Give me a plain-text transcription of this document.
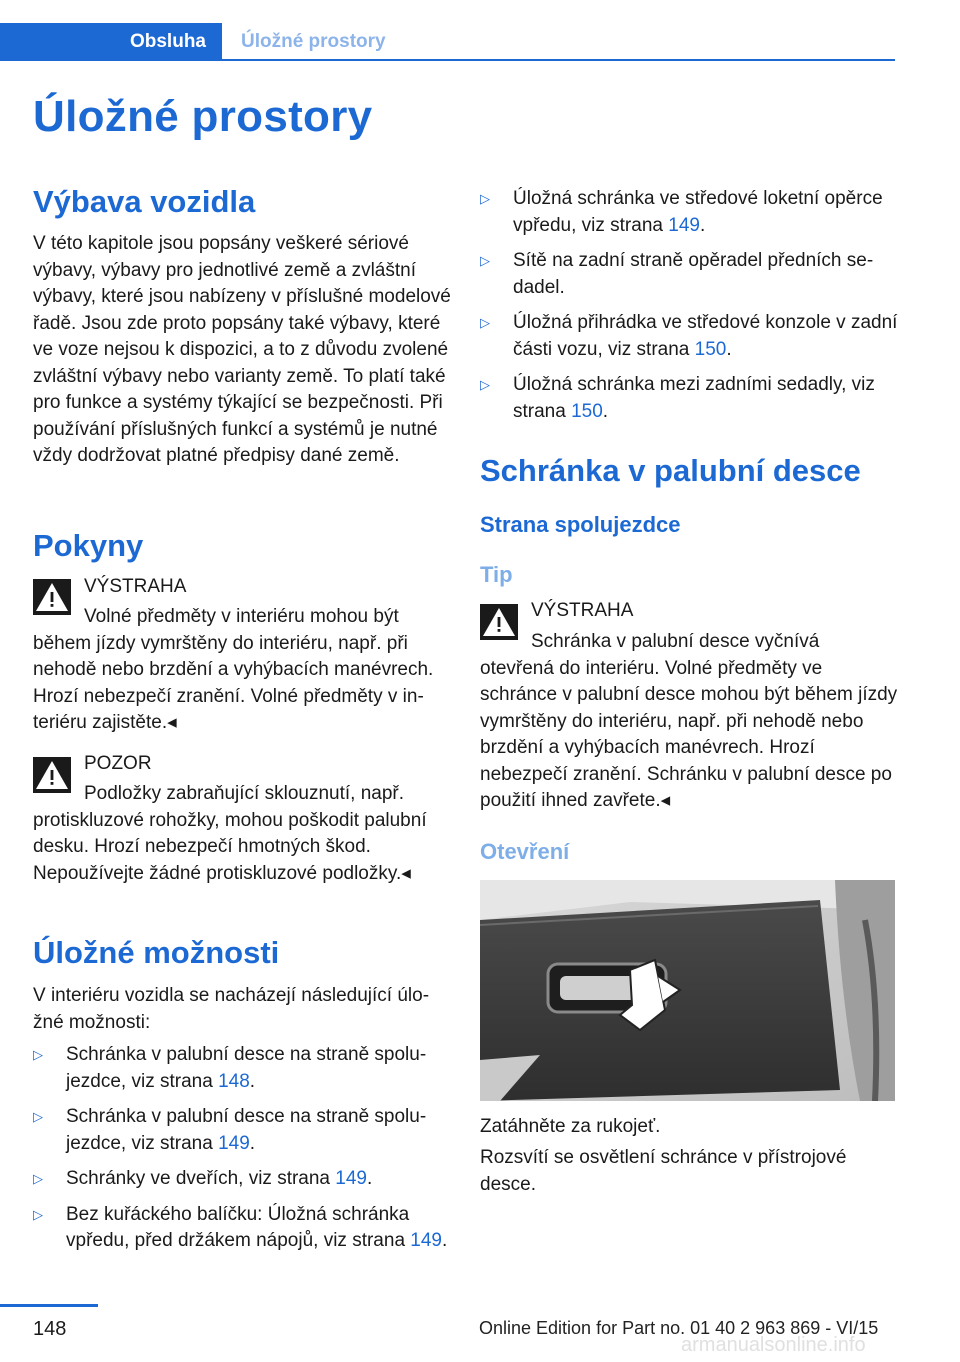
Obsluha	Úložné prostory
Úložné prostory
Výbava vozidla

V této kapitole jsou popsány veškeré sériové výbavy, výbavy pro jednotlivé země a zvláštní výbavy, které jsou nabízeny v příslušné modelové řadě. Jsou zde proto popsány také výbavy, které ve voze nejsou k dispozici, a to z důvodu zvolené zvláštní výbavy nebo varianty země. To platí také pro funkce a systémy týkající se bezpečnosti. Při používání příslušných funkcí a systémů je nutné vždy dodržovat platné předpisy dané země.

Pokyny
VÝSTRAHA
Volné předměty v interiéru mohou být během jízdy vymrštěny do interiéru, např. při nehodě nebo brzdění a vyhýbacích manévrech. Hrozí nebezpečí zranění. Volné předměty v interiéru zajistěte.◂
POZOR
Podložky zabraňující sklouznutí, např. protiskluzové rohožky, mohou poškodit palubní desku. Hrozí nebezpečí hmotných škod. Nepoužívejte žádné protiskluzové podložky.◂
Úložné možnosti

V interiéru vozidla se nacházejí následující úložné možnosti:

▷ Schránka v palubní desce na straně spolujezdce, viz strana 148.
▷ Schránka v palubní desce na straně spolujezdce, viz strana 149.
▷ Schránky ve dveřích, viz strana 149.
▷ Bez kuřáckého balíčku: Úložná schránka vpředu, před držákem nápojů, viz strana 149.
▷ Úložná schránka ve středové loketní opěrce vpředu, viz strana 149.
▷ Sítě na zadní straně opěradel předních sedadel.
▷ Úložná přihrádka ve středové konzole v zadní části vozu, viz strana 150.
▷ Úložná schránka mezi zadními sedadly, viz strana 150.
Schránka v palubní desce
Strana spolujezdce
Tip
VÝSTRAHA
Schránka v palubní desce vyčnívá otevřená do interiéru. Volné předměty ve schránce v palubní desce mohou být během jízdy vymrštěny do interiéru, např. při nehodě nebo brzdění a vyhýbacích manévrech. Hrozí nebezpečí zranění. Schránku v palubní desce po použití ihned zavřete.◂
Otevření

Zatáhněte za rukojeť.

Rozsvítí se osvětlení schránce v přístrojové desce.

148	Online Edition for Part no. 01 40 2 963 869 - VI/15
armanualsonline.info
